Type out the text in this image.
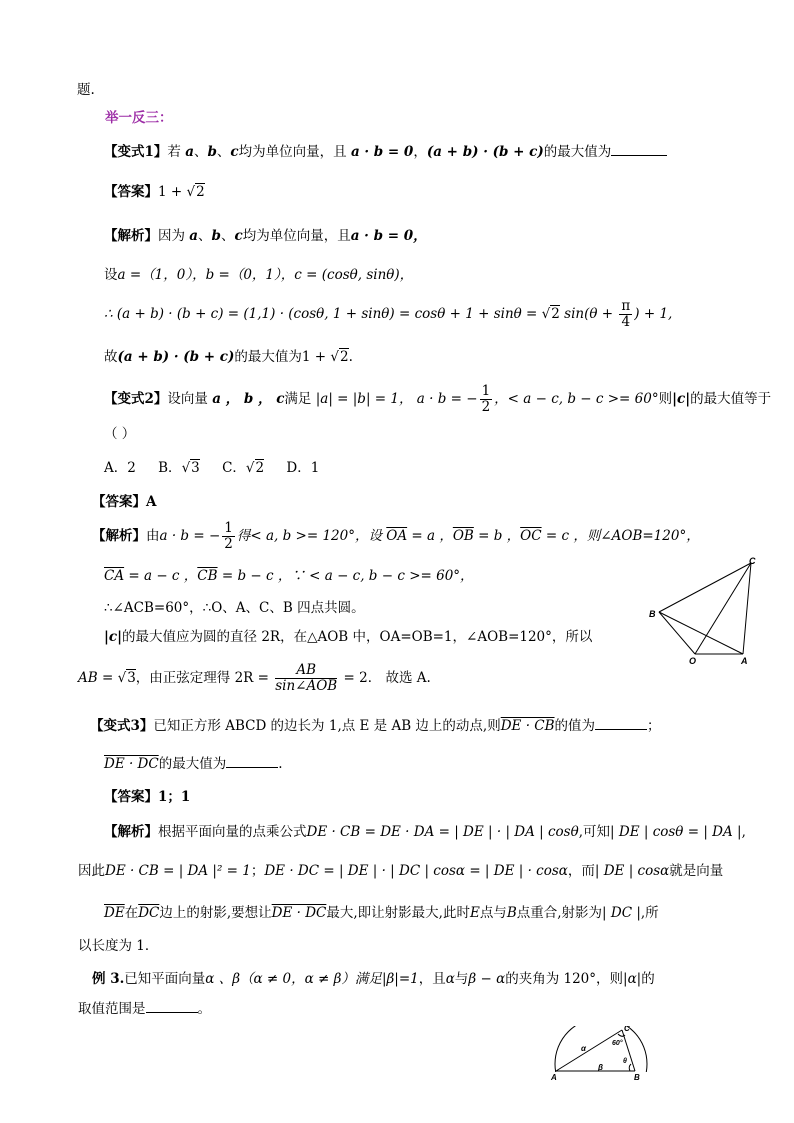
题.
举一反三：
【变式1】若 a、b、c均为单位向量，且 a · b = 0，(a + b) · (b + c)的最大值为
【答案】1 + √2
【解析】因为 a、b、c均为单位向量，且a · b = 0，
设a =（1，0），b =（0，1），c = (cosθ, sinθ)，
∴ (a + b) · (b + c) = (1,1) · (cosθ, 1 + sinθ) = cosθ + 1 + sinθ = √2 $\sin(\theta + \frac{\pi}{4}$ ) + 1,
故(a + b) · (b + c)的最大值为1 + √2.
【变式2】设向量 a ， b ， c满足 |a| = |b| = 1， a · b = − $\frac{1}{2}$ ，< a − c, b − c >= 60°则|c|的最大值等于
（ ）
A．2 B．√3 C．√2 D．1
【答案】A
【解析】由a · b = − $\frac{1}{2}$ 得< a, b >= 120°，设 $\overline{OA} = a$ ，$\overline{OB} = b$ ，$\overline{OC} = c$ ，则∠AOB=120°，
$\overline{CA} = a - c$ ，$\overline{CB} = b - c$ ，∵ < a − c, b − c >= 60°，
∴∠ACB=60°，∴O、A、C、B 四点共圆。
|c|的最大值应为圆的直径 2R，在△AOB 中，OA=OB=1，∠AOB=120°，所以
AB = √3，由正弦定理得 $2R = \frac{AB}{\text{sin∠AOB}} = 2$． 故选 A.
B
O	A
C
【变式3】已知正方形 ABCD 的边长为 1,点 E 是 AB 边上的动点,则DE · CB的值为	；
DE · DC的最大值为	.
【答案】1；1
【解析】根据平面向量的点乘公式DE · CB = DE · DA = | DE | · | DA | cosθ,可知| DE | cosθ = | DA |,
因此DE · CB = | DA |² = 1；DE · DC = | DE | · | DC | cosα = | DE | · cosα，而| DE | cosα就是向量
$\overline{DE}$在$\overline{DC}$边上的射影,要想让DE · DC最大,即让射影最大,此时E点与B点重合,射影为| DC |,所
以长度为 1．
例 3.已知平面向量α 、β（α ≠ 0，α ≠ β）满足|β|=1，且α与β − α的夹角为 120°，则|α|的
取值范围是	。
C
60°
α
θ
β
A	B
